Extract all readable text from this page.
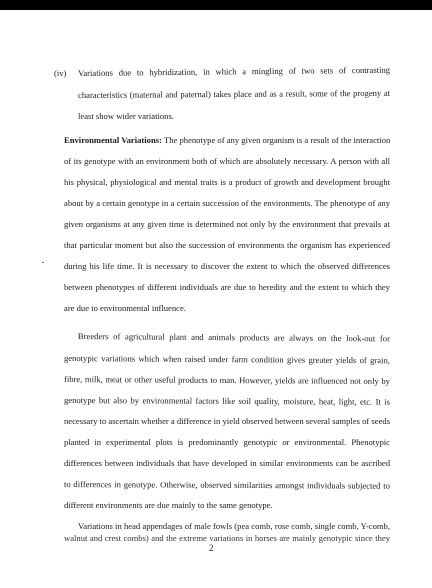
(iv) Variations due to hybridization, in which a mingling of two sets of contrasting
characteristics (maternal and paternal) takes place and as a result, some of the progeny at
least show wider variations.
Environmental Variations: The phenotype of any given organism is a result of the interaction
of its genotype with an environment both of which are absolutely necessary. A person with all
his physical, physiological and mental traits is a product of growth and development brought
about by a certain genotype in a certain succession of the environments. The phenotype of any
given organisms at any given time is determined not only by the environment that prevails at
that particular moment but also the succession of environments the organism has experienced
during his life time. It is necessary to discover the extent to which the observed differences
between phenotypes of different individuals are due to heredity and the extent to which they
are due to environmental influence.
Breeders of agricultural plant and animals products are always on the look-out for
genotypic variations which when raised under farm condition gives greater yields of grain,
fibre, milk, meat or other useful products to man. However, yields are influenced not only by
genotype but also by environmental factors like soil quality, moisture, heat, light, etc. It is
necessary to ascertain whether a difference in yield observed between several samples of seeds
planted in experimental plots is predominantly genotypic or environmental. Phenotypic
differences between individuals that have developed in similar environments can be ascribed
to differences in genotype. Otherwise, observed similarities amongst individuals subjected to
different environments are due mainly to the same genotype.
Variations in head appendages of male fowls (pea comb, rose comb, single comb, Y-comb,
walnut and crest combs) and the extreme variations in horses are mainly genotypic since they
2
